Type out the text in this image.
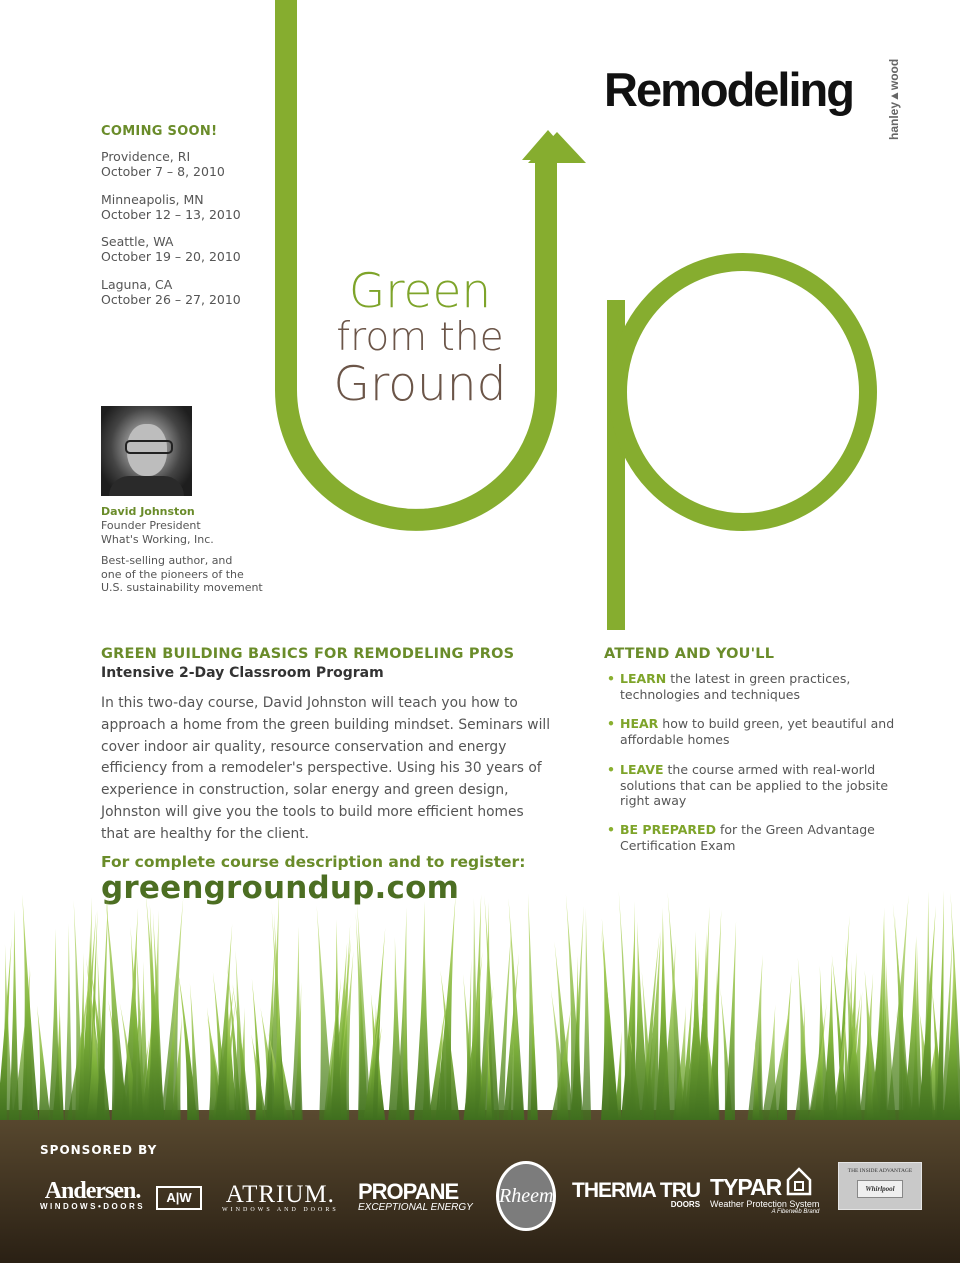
Remodeling	hanley▲wood
COMING SOON!
Providence, RI
October 7 – 8, 2010
Minneapolis, MN
October 12 – 13, 2010
Seattle, WA
October 19 – 20, 2010
Laguna, CA
October 26 – 27, 2010	Green
from the
Ground
David Johnston
Founder President
What's Working, Inc.
Best-selling author, and
one of the pioneers of the
U.S. sustainability movement
GREEN BUILDING BASICS FOR REMODELING PROS
Intensive 2-Day Classroom Program
In this two-day course, David Johnston will teach you how to approach a home from the green building mindset. Seminars will cover indoor air quality, resource conservation and energy efficiency from a remodeler's perspective. Using his 30 years of experience in construction, solar energy and green design, Johnston will give you the tools to build more efficient homes that are healthy for the client.
For complete course description and to register:
greengroundup.com
ATTEND AND YOU'LL
• LEARN the latest in green practices, technologies and techniques
• HEAR how to build green, yet beautiful and affordable homes
• LEAVE the course armed with real-world solutions that can be applied to the jobsite right away
• BE PREPARED for the Green Advantage Certification Exam
SPONSORED BY
Andersen.
WINDOWS•DOORS
A|W	ATRIUM.
WINDOWS AND DOORS
PROPANE
EXCEPTIONAL ENERGY
Rheem THERMA TRU
DOORS
TYPAR
Weather Protection System
A Fiberweb Brand
THE INSIDE ADVANTAGE
Whirlpool
